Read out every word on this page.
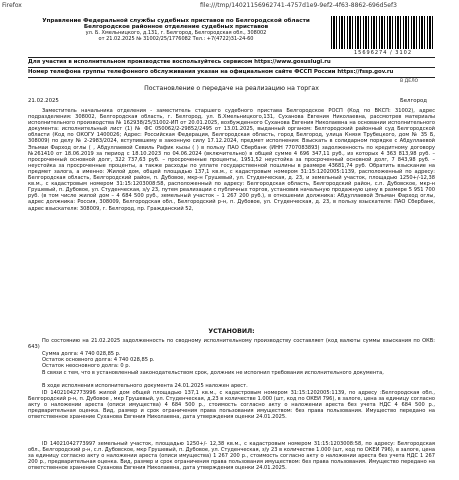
Firefox	file:///tmp/14021156962741-4757d1e9-9ef2-4f63-8862-696d5ef3
Управление Федеральной службы судебных приставов по Белгородской области
Белгородское районное отделение судебных приставов
ул. Б. Хмельницкого, д.131, г. Белгород, Белгородская обл., 308002
от 21.02.2025 № 31002/25/1776082 Тел.: +7(4722)31-24-60
15696274 / 3102
Для участия в исполнительном производстве воспользуйтесь сервисом https://www.gosuslugi.ru
Номер телефона группы телефонного обслуживания указан на официальном сайте ФССП России https://fssp.gov.ru
В ДЕЛО
Постановление о передаче на реализацию на торгах
21.02.2025	Белгород
Заместитель начальника отделения - заместитель старшего судебного пристава Белгородское РОСП (Код по ВКСП: 31002), адрес подразделения: 308002, Белгородская область, г. Белгород, ул. Б.Хмельницкого,131, Суханова Евгения Николаевна, рассмотрев материалы исполнительного производства № 162938/25/31002-ИП от 20.01.2025, возбужденного Суханова Евгения Николаевна на основании исполнительного документа: исполнительный лист (1) № ФС 050062/2-29852/2495 от 13.01.2025, выданный органом: Белгородский районный суд Белгородской области (Код по ОКОГУ 1400026; Адрес: Российская Федерация, Белгородская область, город Белгород, улица Князя Трубецкого, дом № 35 Б, 308009) по делу № 2-2983/2024, вступившему в законную силу 17.12.2024, предмет исполнения: Взыскать в солидарном порядке с Абдуллаевой Эльмаи Фарход оглы ( , Абдуллаевой Севиль Рафик кызы ( ) в пользу ПАО Сбербанк (ИНН 7707083893) задолженность по кредитному договору №261410 от 18.06.2019 за период с 18.10.2023 по 04.06.2024 (включительно) в общей сумме 4 696 347,11 руб., из которых 4 363 813,98 руб. – просроченный основной долг, 322 737,63 руб. – просроченные проценты, 1951,52 неустойка за просроченный основной долг, 7 843,98 руб. – неустойка за просроченные проценты, а также расходы по уплате государственной пошлины в размере 43681,74 руб. Обратить взыскание на предмет залога, а именно: Жилой дом, общей площадью 137,1 кв.м., с кадастровым номером 31:15:1202005:1139, расположенный по адресу: Белгородская область, Белгородский район, п. Дубовое, мкр-н Грушевый, ул. Студенческая, д. 23, и земельный участок, площадью 1250+/-12,38 кв.м., с кадастровым номером 31:15:1203008:58, расположенный по адресу: Белгородская область, Белгородский район, с.п. Дубовское, мкр-н Грушевый, п. Дубовое, ул. Студенческая, з/у 23, путем реализации с публичных торгов, установив начальную продажную цену в размере 5 951 700 руб. (в том числе жилой дом – 4 684 500 руб., земельный участок – 1 267 200 руб.), в отношении должника: Абдуллаевой Эльман Фарход оглы, адрес должника: Россия, 308009, Белгородская обл., Белгородский р-н, п. Дубовое, ул. Студенческая, д. 23, в пользу взыскателя: ПАО Сбербанк, адрес взыскателя: 308009, г. Белгород, пр. Гражданский 52,
УСТАНОВИЛ:
По состоянию на 21.02.2025 задолженность по сводному исполнительному производству составляет (код валюты суммы взыскания по ОКВ: 643)
Сумма долга: 4 740 028,85 р.
Остаток основного долга: 4 740 028,85 р.
Остаток неосновного долга: 0 р.
В связи с тем, что в установленный законодательством срок, должник не исполнил требования исполнительного документа,
В ходе исполнения исполнительного документа 24.01.2025 наложен арест.
ID 14021042773996 жилой дом общей площадью 137,1 кв.м., с кадастровым номером 31:15:1202005:1139, по адресу :Белгородская обл., Белгородский р-н, п. Дубовое , мкр Грушевый, ул. Студенческая, д.23 в количестве 1.000 (шт, код по ОКЕИ 796), в залоге, цена за единицу согласно акту о наложении ареста (описи имущества) 4 684 500 р., стоимость согласно акту о наложении ареста без учета НДС 4 684 500 р., предварительная оценка. Вид, размер и срок ограничения права пользования имуществом: без права пользования. Имущество передано на ответственное хранение Суханова Евгения Николаевна, дата утверждения оценки 24.01.2025.
ID 14021042773997 земельный участок, площадью 1250+/- 12,38 кв.м., с кадастровым номером 31:15:1203008:58, по адресу: Белгородская обл., Белгородский р-н, с.п. Дубовское, мкр Грушевый, п. Дубовое, ул. Студенческая, з/у 23 в количестве 1.000 (шт, код по ОКЕИ 796), в залоге, цена за единицу согласно акту о наложении ареста (описи имущества) 1 267 200 р., стоимость согласно акту о наложении ареста без учета НДС 1 267 200 р., предварительная оценка. Вид, размер и срок ограничения права пользования имуществом: без права пользования. Имущество передано на ответственное хранение Суханова Евгения Николаевна, дата утверждения оценки 24.01.2025.
